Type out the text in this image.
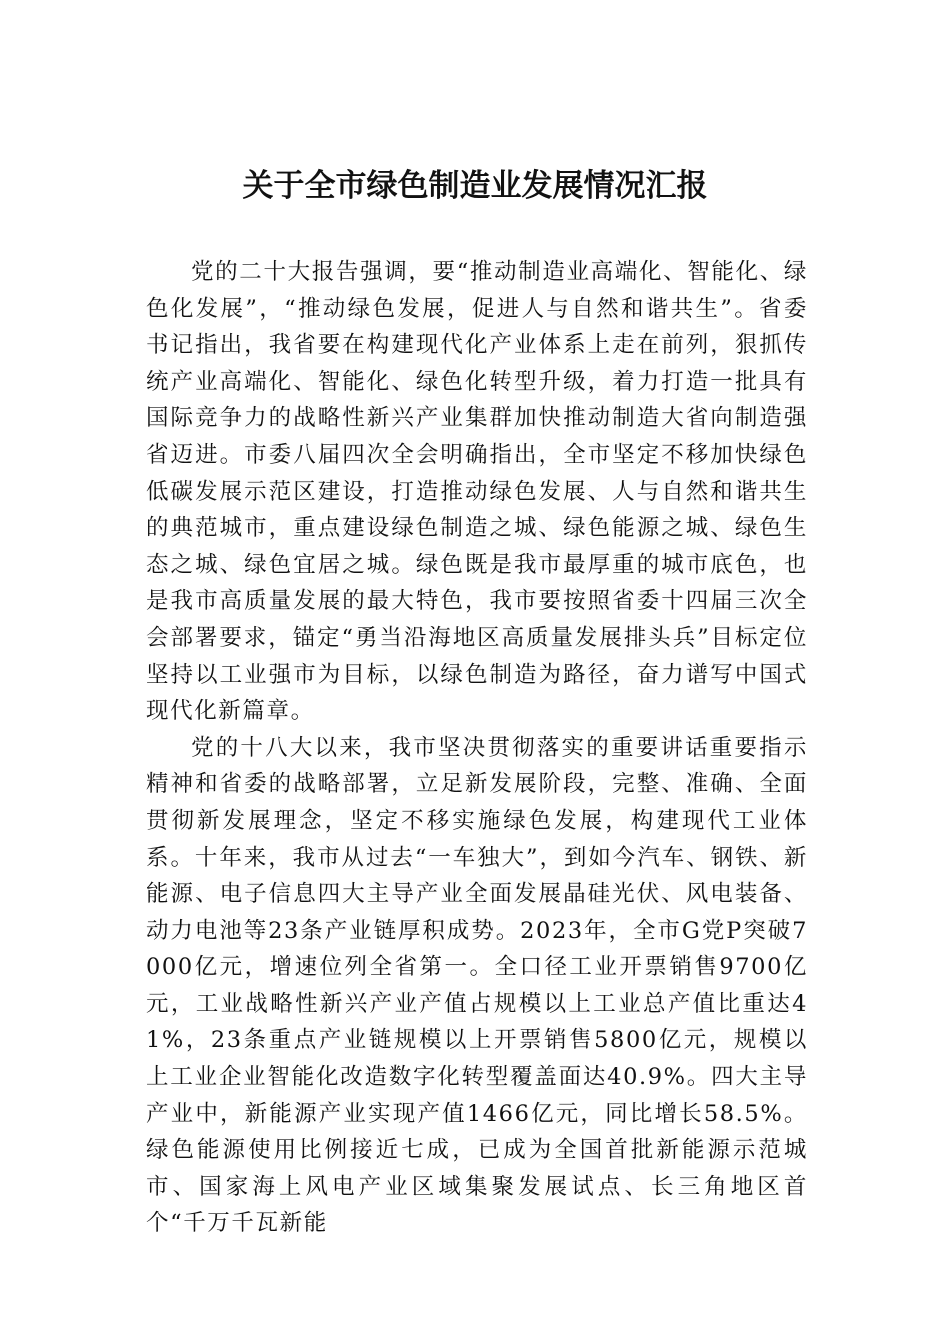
关于全市绿色制造业发展情况汇报

党的二十大报告强调，要“推动制造业高端化、智能化、绿色化发展”，“推动绿色发展，促进人与自然和谐共生”。省委书记指出，我省要在构建现代化产业体系上走在前列，狠抓传统产业高端化、智能化、绿色化转型升级，着力打造一批具有国际竞争力的战略性新兴产业集群加快推动制造大省向制造强省迈进。市委八届四次全会明确指出，全市坚定不移加快绿色低碳发展示范区建设，打造推动绿色发展、人与自然和谐共生的典范城市，重点建设绿色制造之城、绿色能源之城、绿色生态之城、绿色宜居之城。绿色既是我市最厚重的城市底色，也是我市高质量发展的最大特色，我市要按照省委十四届三次全会部署要求，锚定“勇当沿海地区高质量发展排头兵”目标定位坚持以工业强市为目标，以绿色制造为路径，奋力谱写中国式现代化新篇章。

党的十八大以来，我市坚决贯彻落实的重要讲话重要指示精神和省委的战略部署，立足新发展阶段，完整、准确、全面贯彻新发展理念，坚定不移实施绿色发展，构建现代工业体系。十年来，我市从过去“一车独大”，到如今汽车、钢铁、新能源、电子信息四大主导产业全面发展晶硅光伏、风电装备、动力电池等23条产业链厚积成势。2023年，全市G党P突破7000亿元，增速位列全省第一。全口径工业开票销售9700亿元，工业战略性新兴产业产值占规模以上工业总产值比重达41%，23条重点产业链规模以上开票销售5800亿元，规模以上工业企业智能化改造数字化转型覆盖面达40.9%。四大主导产业中，新能源产业实现产值1466亿元，同比增长58.5%。绿色能源使用比例接近七成，已成为全国首批新能源示范城市、国家海上风电产业区域集聚发展试点、长三角地区首个“千万千瓦新能
